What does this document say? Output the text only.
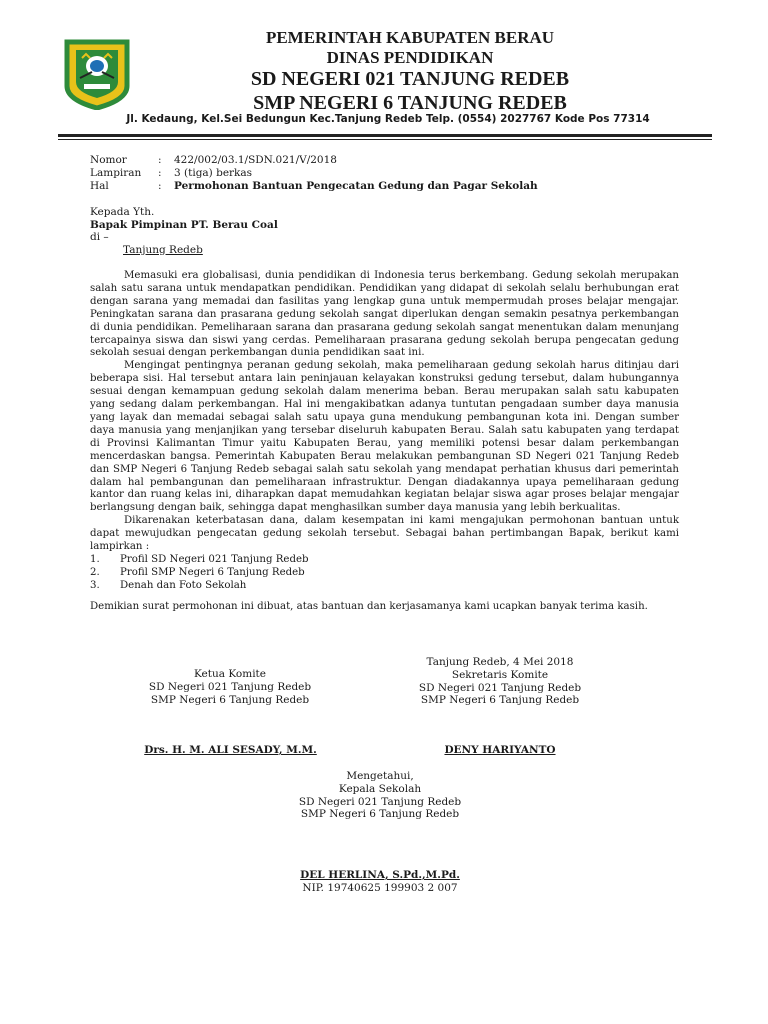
PEMERINTAH KABUPATEN BERAU
DINAS PENDIDIKAN
SD NEGERI 021 TANJUNG REDEB
SMP NEGERI 6 TANJUNG REDEB
Jl. Kedaung, Kel.Sei Bedungun Kec.Tanjung Redeb Telp. (0554) 2027767 Kode Pos 77314
Nomor	:	422/002/03.1/SDN.021/V/2018
Lampiran	:	3 (tiga) berkas
Hal	:	Permohonan Bantuan Pengecatan Gedung dan Pagar Sekolah
Kepada Yth.
Bapak Pimpinan PT. Berau Coal
di –
Tanjung Redeb

Memasuki era globalisasi, dunia pendidikan di Indonesia terus berkembang. Gedung sekolah merupakan salah satu sarana untuk mendapatkan pendidikan. Pendidikan yang didapat di sekolah selalu berhubungan erat dengan sarana yang memadai dan fasilitas yang lengkap guna untuk mempermudah proses belajar mengajar. Peningkatan sarana dan prasarana gedung sekolah sangat diperlukan dengan semakin pesatnya perkembangan di dunia pendidikan. Pemeliharaan sarana dan prasarana gedung sekolah sangat menentukan dalam menunjang tercapainya siswa dan siswi yang cerdas. Pemeliharaan prasarana gedung sekolah berupa pengecatan gedung sekolah sesuai dengan perkembangan dunia pendidikan saat ini.

Mengingat pentingnya peranan gedung sekolah, maka pemeliharaan gedung sekolah harus ditinjau dari beberapa sisi. Hal tersebut antara lain peninjauan kelayakan konstruksi gedung tersebut, dalam hubungannya sesuai dengan kemampuan gedung sekolah dalam menerima beban. Berau merupakan salah satu kabupaten yang sedang dalam perkembangan. Hal ini mengakibatkan adanya tuntutan pengadaan sumber daya manusia yang layak dan memadai sebagai salah satu upaya guna mendukung pembangunan kota ini. Dengan sumber daya manusia yang menjanjikan yang tersebar diseluruh kabupaten Berau. Salah satu kabupaten yang terdapat di Provinsi Kalimantan Timur yaitu Kabupaten Berau, yang memiliki potensi besar dalam perkembangan mencerdaskan bangsa. Pemerintah Kabupaten Berau melakukan pembangunan SD Negeri 021 Tanjung Redeb dan SMP Negeri 6 Tanjung Redeb sebagai salah satu sekolah yang mendapat perhatian khusus dari pemerintah dalam hal pembangunan dan pemeliharaan infrastruktur. Dengan diadakannya upaya pemeliharaan gedung kantor dan ruang kelas ini, diharapkan dapat memudahkan kegiatan belajar siswa agar proses belajar mengajar berlangsung dengan baik, sehingga dapat menghasilkan sumber daya manusia yang lebih berkualitas.

Dikarenakan keterbatasan dana, dalam kesempatan ini kami mengajukan permohonan bantuan untuk dapat mewujudkan pengecatan gedung sekolah tersebut. Sebagai bahan pertimbangan Bapak, berikut kami lampirkan :

1.	Profil SD Negeri 021 Tanjung Redeb
2.	Profil SMP Negeri 6 Tanjung Redeb
3.	Denah dan Foto Sekolah

Demikian surat permohonan ini dibuat, atas bantuan dan kerjasamanya kami ucapkan banyak terima kasih.

Ketua Komite
SD Negeri 021 Tanjung Redeb
SMP Negeri 6 Tanjung Redeb
Drs. H. M. ALI SESADY, M.M.
Tanjung Redeb, 4 Mei 2018
Sekretaris Komite
SD Negeri 021 Tanjung Redeb
SMP Negeri 6 Tanjung Redeb
DENY HARIYANTO
Mengetahui,
Kepala Sekolah
SD Negeri 021 Tanjung Redeb
SMP Negeri 6 Tanjung Redeb
DEL HERLINA, S.Pd.,M.Pd.
NIP. 19740625 199903 2 007
